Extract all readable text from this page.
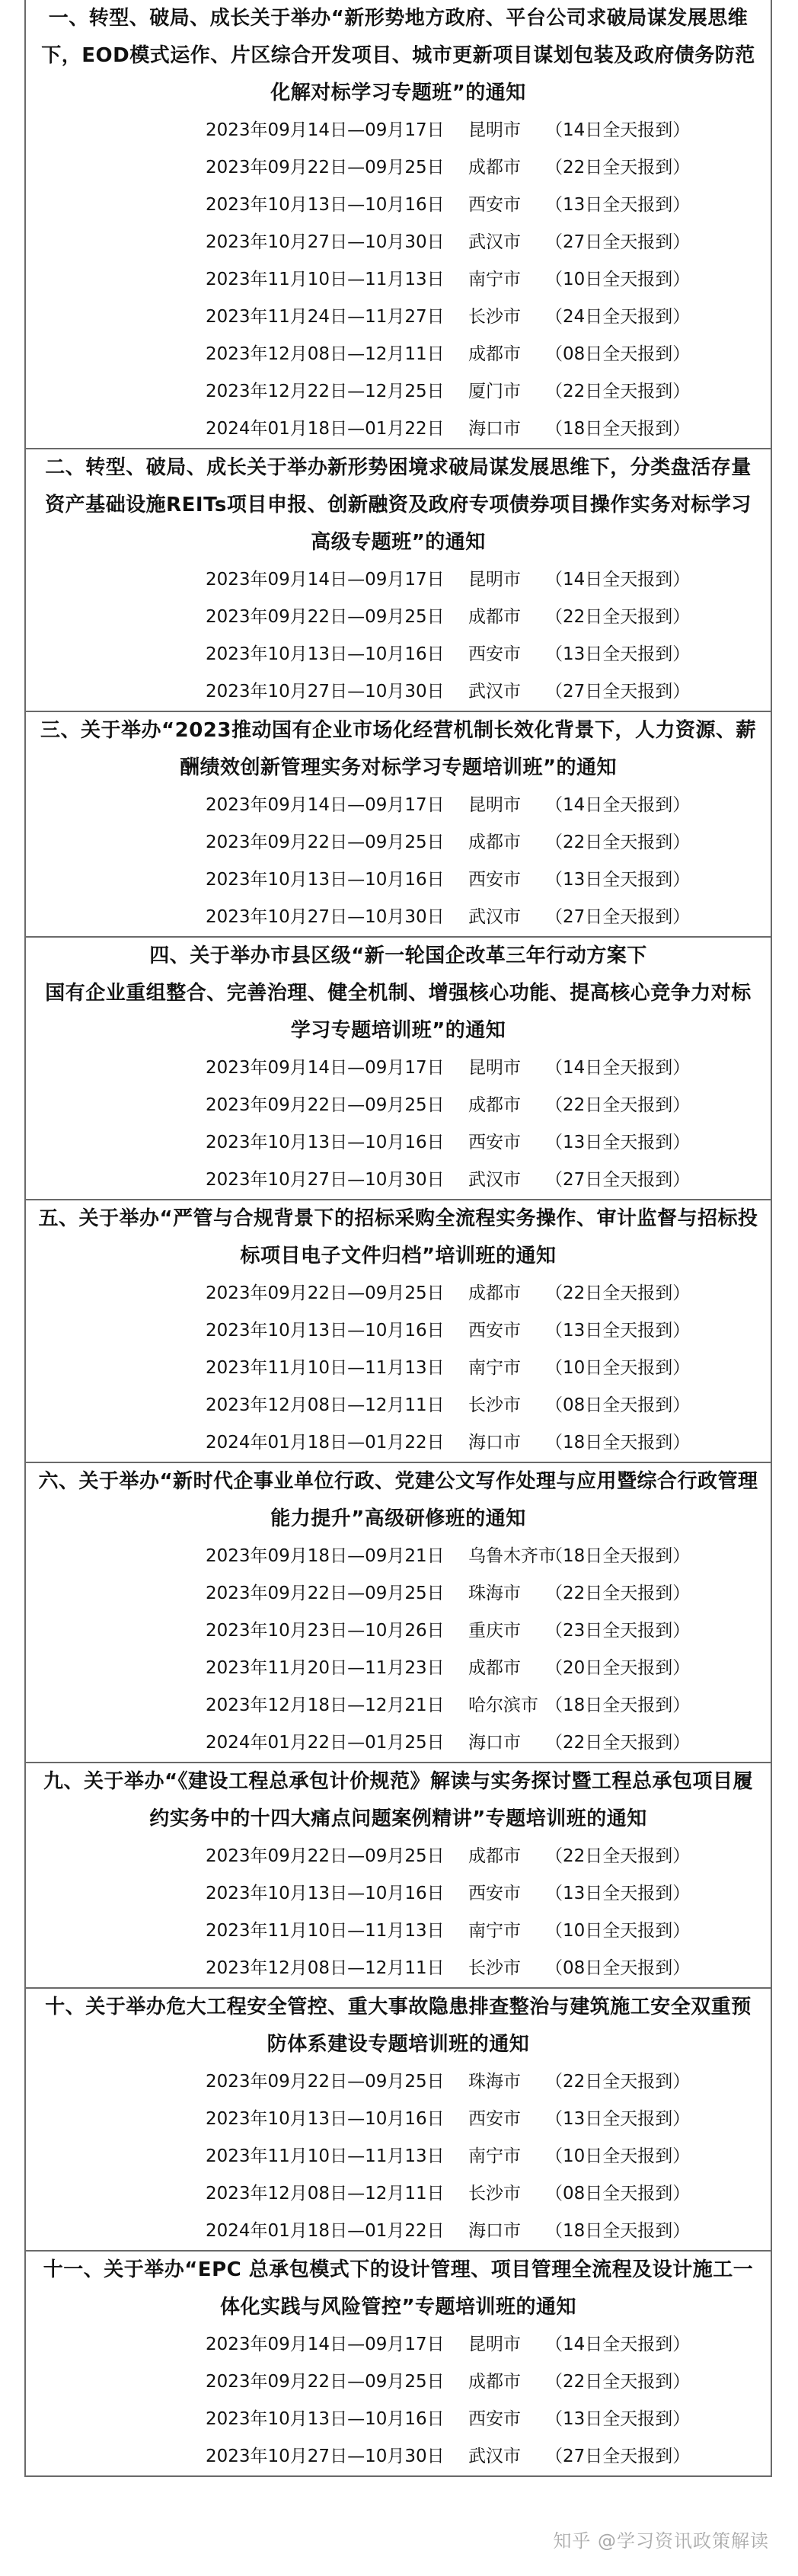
一、转型、破局、成长关于举办“新形势地方政府、平台公司求破局谋发展思维下，EOD模式运作、片区综合开发项目、城市更新项目谋划包装及政府债务防范化解对标学习专题班”的通知
2023年09月14日—09月17日 昆明市 （14日全天报到）
2023年09月22日—09月25日 成都市 （22日全天报到）
2023年10月13日—10月16日 西安市 （13日全天报到）
2023年10月27日—10月30日 武汉市 （27日全天报到）
2023年11月10日—11月13日 南宁市 （10日全天报到）
2023年11月24日—11月27日 长沙市 （24日全天报到）
2023年12月08日—12月11日 成都市 （08日全天报到）
2023年12月22日—12月25日 厦门市 （22日全天报到）
2024年01月18日—01月22日 海口市 （18日全天报到）
二、转型、破局、成长关于举办新形势困境求破局谋发展思维下，分类盘活存量资产基础设施REITs项目申报、创新融资及政府专项债券项目操作实务对标学习高级专题班”的通知
2023年09月14日—09月17日 昆明市 （14日全天报到）
2023年09月22日—09月25日 成都市 （22日全天报到）
2023年10月13日—10月16日 西安市 （13日全天报到）
2023年10月27日—10月30日 武汉市 （27日全天报到）
三、关于举办“2023推动国有企业市场化经营机制长效化背景下，人力资源、薪酬绩效创新管理实务对标学习专题培训班”的通知
2023年09月14日—09月17日 昆明市 （14日全天报到）
2023年09月22日—09月25日 成都市 （22日全天报到）
2023年10月13日—10月16日 西安市 （13日全天报到）
2023年10月27日—10月30日 武汉市 （27日全天报到）
四、关于举办市县区级“新一轮国企改革三年行动方案下
国有企业重组整合、完善治理、健全机制、增强核心功能、提高核心竞争力对标学习专题培训班”的通知
2023年09月14日—09月17日 昆明市 （14日全天报到）
2023年09月22日—09月25日 成都市 （22日全天报到）
2023年10月13日—10月16日 西安市 （13日全天报到）
2023年10月27日—10月30日 武汉市 （27日全天报到）
五、关于举办“严管与合规背景下的招标采购全流程实务操作、审计监督与招标投标项目电子文件归档”培训班的通知
2023年09月22日—09月25日 成都市 （22日全天报到）
2023年10月13日—10月16日 西安市 （13日全天报到）
2023年11月10日—11月13日 南宁市 （10日全天报到）
2023年12月08日—12月11日 长沙市 （08日全天报到）
2024年01月18日—01月22日 海口市 （18日全天报到）
六、关于举办“新时代企事业单位行政、党建公文写作处理与应用暨综合行政管理能力提升”高级研修班的通知
2023年09月18日—09月21日 乌鲁木齐市
（18日全天报到）
2023年09月22日—09月25日 珠海市 （22日全天报到）
2023年10月23日—10月26日 重庆市 （23日全天报到）
2023年11月20日—11月23日 成都市 （20日全天报到）
2023年12月18日—12月21日 哈尔滨市 （18日全天报到）
2024年01月22日—01月25日 海口市 （22日全天报到）
九、关于举办“《建设工程总承包计价规范》解读与实务探讨暨工程总承包项目履约实务中的十四大痛点问题案例精讲”专题培训班的通知
2023年09月22日—09月25日 成都市 （22日全天报到）
2023年10月13日—10月16日 西安市 （13日全天报到）
2023年11月10日—11月13日 南宁市 （10日全天报到）
2023年12月08日—12月11日 长沙市 （08日全天报到）
十、关于举办危大工程安全管控、重大事故隐患排查整治与建筑施工安全双重预防体系建设专题培训班的通知
2023年09月22日—09月25日 珠海市 （22日全天报到）
2023年10月13日—10月16日 西安市 （13日全天报到）
2023年11月10日—11月13日 南宁市 （10日全天报到）
2023年12月08日—12月11日 长沙市 （08日全天报到）
2024年01月18日—01月22日 海口市 （18日全天报到）
十一、关于举办“EPC 总承包模式下的设计管理、项目管理全流程及设计施工一体化实践与风险管控”专题培训班的通知
2023年09月14日—09月17日 昆明市 （14日全天报到）
2023年09月22日—09月25日 成都市 （22日全天报到）
2023年10月13日—10月16日 西安市 （13日全天报到）
2023年10月27日—10月30日 武汉市 （27日全天报到）
知乎 @学习资讯政策解读
